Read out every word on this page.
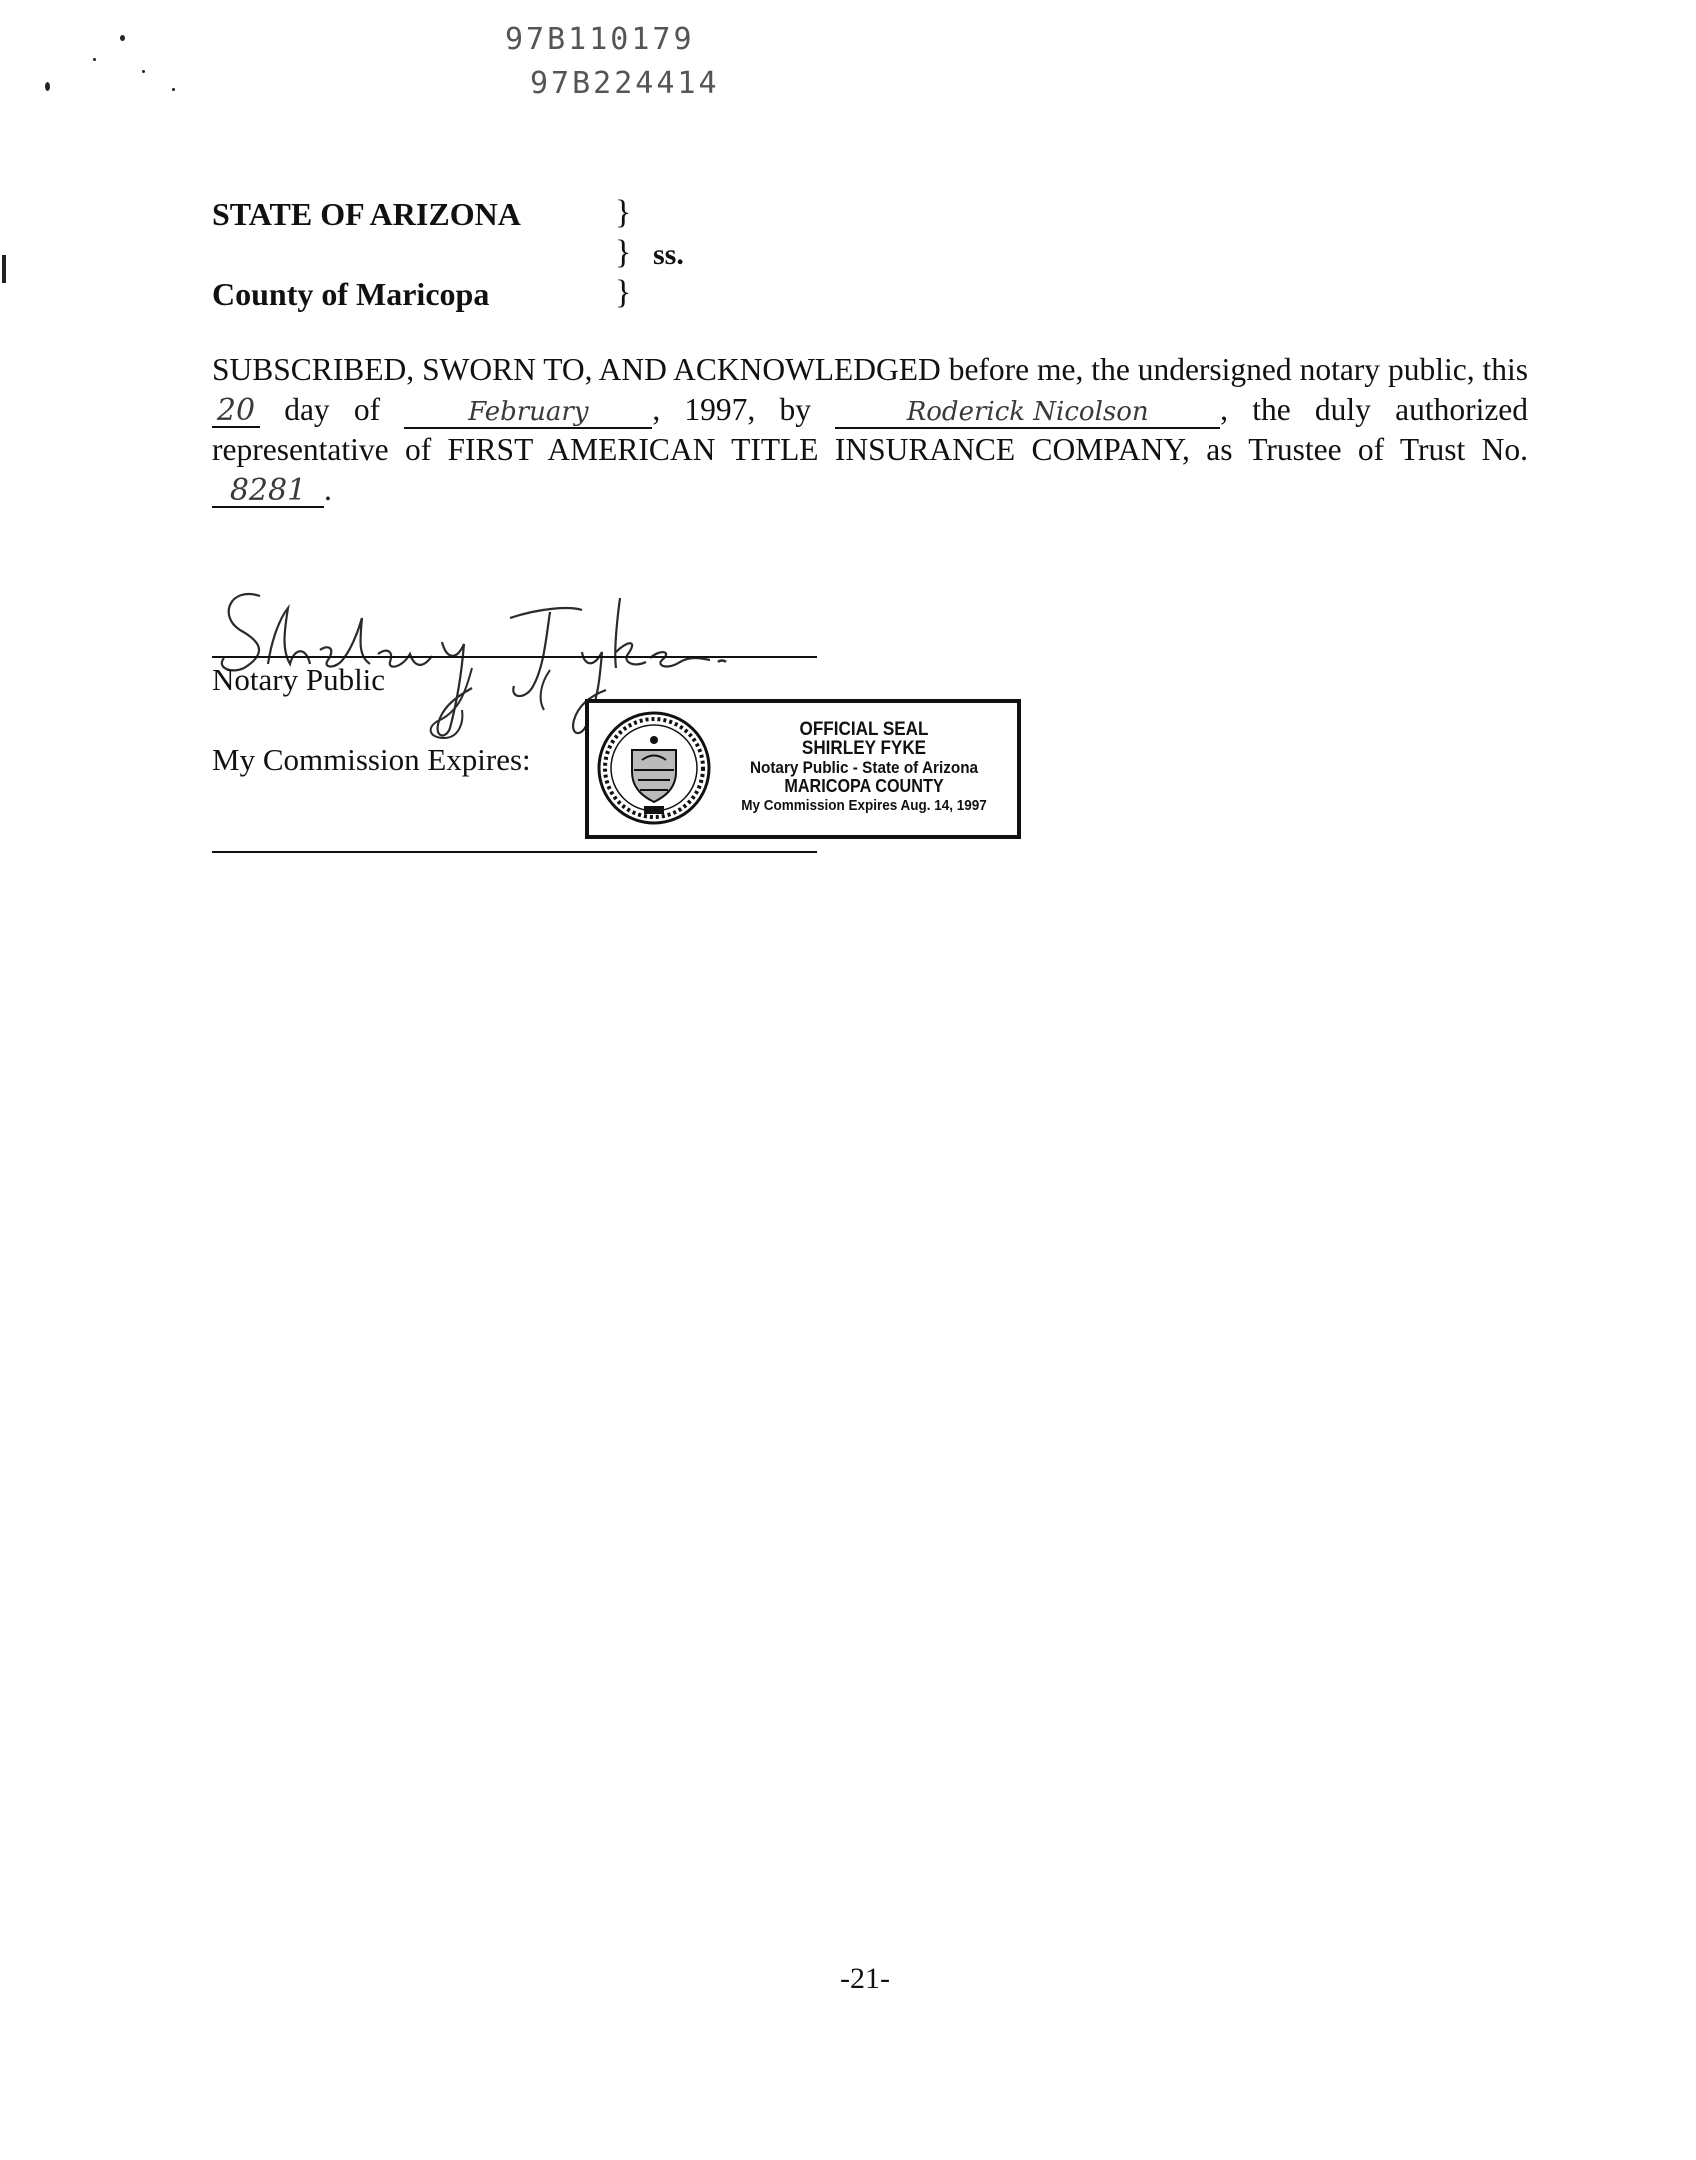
97B110179
97B224414
STATE OF ARIZONA
County of Maricopa
}
}
}
ss.
SUBSCRIBED, SWORN TO, AND ACKNOWLEDGED before me, the undersigned notary public, this20 day of	February , 1997, by	Roderick Nicolson , the duly authorized representative of FIRST AMERICAN TITLE INSURANCE COMPANY, as Trustee of Trust No. 8281 .
Notary Public
My Commission Expires:
OFFICIAL SEAL
SHIRLEY FYKE
Notary Public - State of Arizona
MARICOPA COUNTY
My Commission Expires Aug. 14, 1997
-21-
